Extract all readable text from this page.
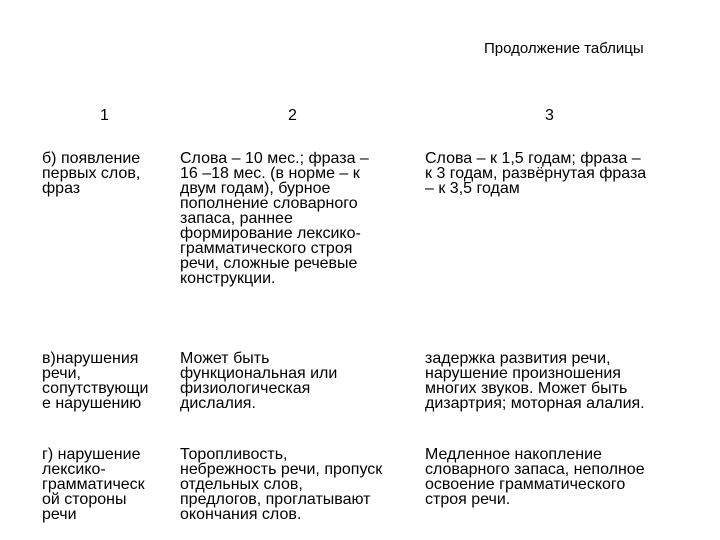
Продолжение таблицы
1	2	3
б) появление
первых слов,
фраз
Слова – 10 мес.; фраза –
16 –18 мес. (в норме – к
двум годам), бурное
пополнение словарного
запаса, раннее
формирование лексико-
грамматического строя
речи, сложные речевые
конструкции.
Слова – к 1,5 годам; фраза –
к 3 годам, развёрнутая фраза
– к 3,5 годам
в)нарушения
речи,
сопутствующи
е нарушению
Может быть
функциональная или
физиологическая
дислалия.
задержка развития речи,
нарушение произношения
многих звуков. Может быть
дизартрия; моторная алалия.
г) нарушение
лексико-
грамматическ
ой стороны
речи
Торопливость,
небрежность речи, пропуск
отдельных слов,
предлогов, проглатывают
окончания слов.
Медленное накопление
словарного запаса, неполное
освоение грамматического
строя речи.
